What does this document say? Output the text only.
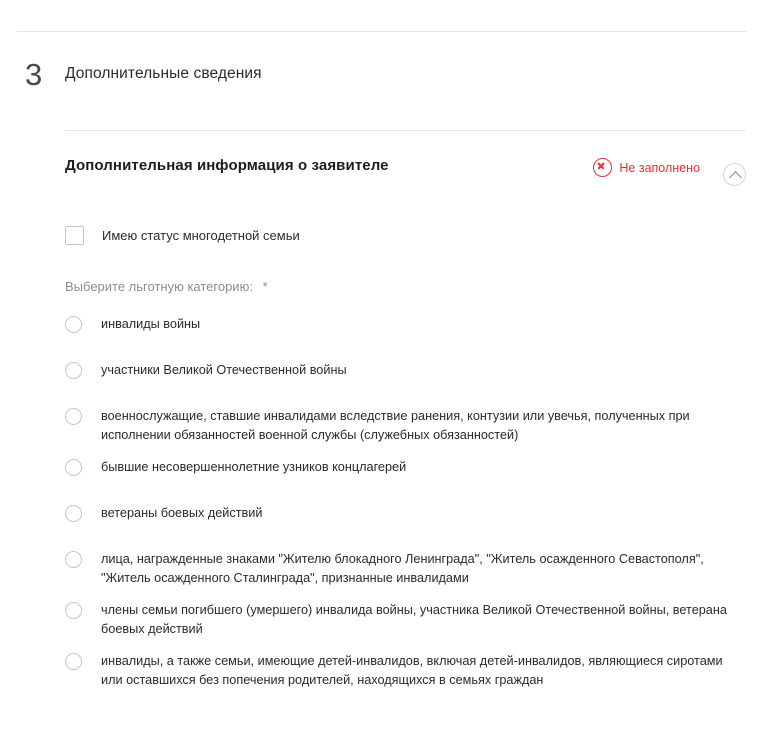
3	Дополнительные сведения
Дополнительная информация о заявителе	Не заполнено
Имею статус многодетной семьи
Выберите льготную категорию: *
инвалиды войны
участники Великой Отечественной войны
военнослужащие, ставшие инвалидами вследствие ранения, контузии или увечья, полученных при исполнении обязанностей военной службы (служебных обязанностей)
бывшие несовершеннолетние узников концлагерей
ветераны боевых действий
лица, награжденные знаками "Жителю блокадного Ленинграда", "Житель осажденного Севастополя", "Житель осажденного Сталинграда", признанные инвалидами
члены семьи погибшего (умершего) инвалида войны, участника Великой Отечественной войны, ветерана боевых действий
инвалиды, а также семьи, имеющие детей-инвалидов, включая детей-инвалидов, являющиеся сиротами или оставшихся без попечения родителей, находящихся в семьях граждан
